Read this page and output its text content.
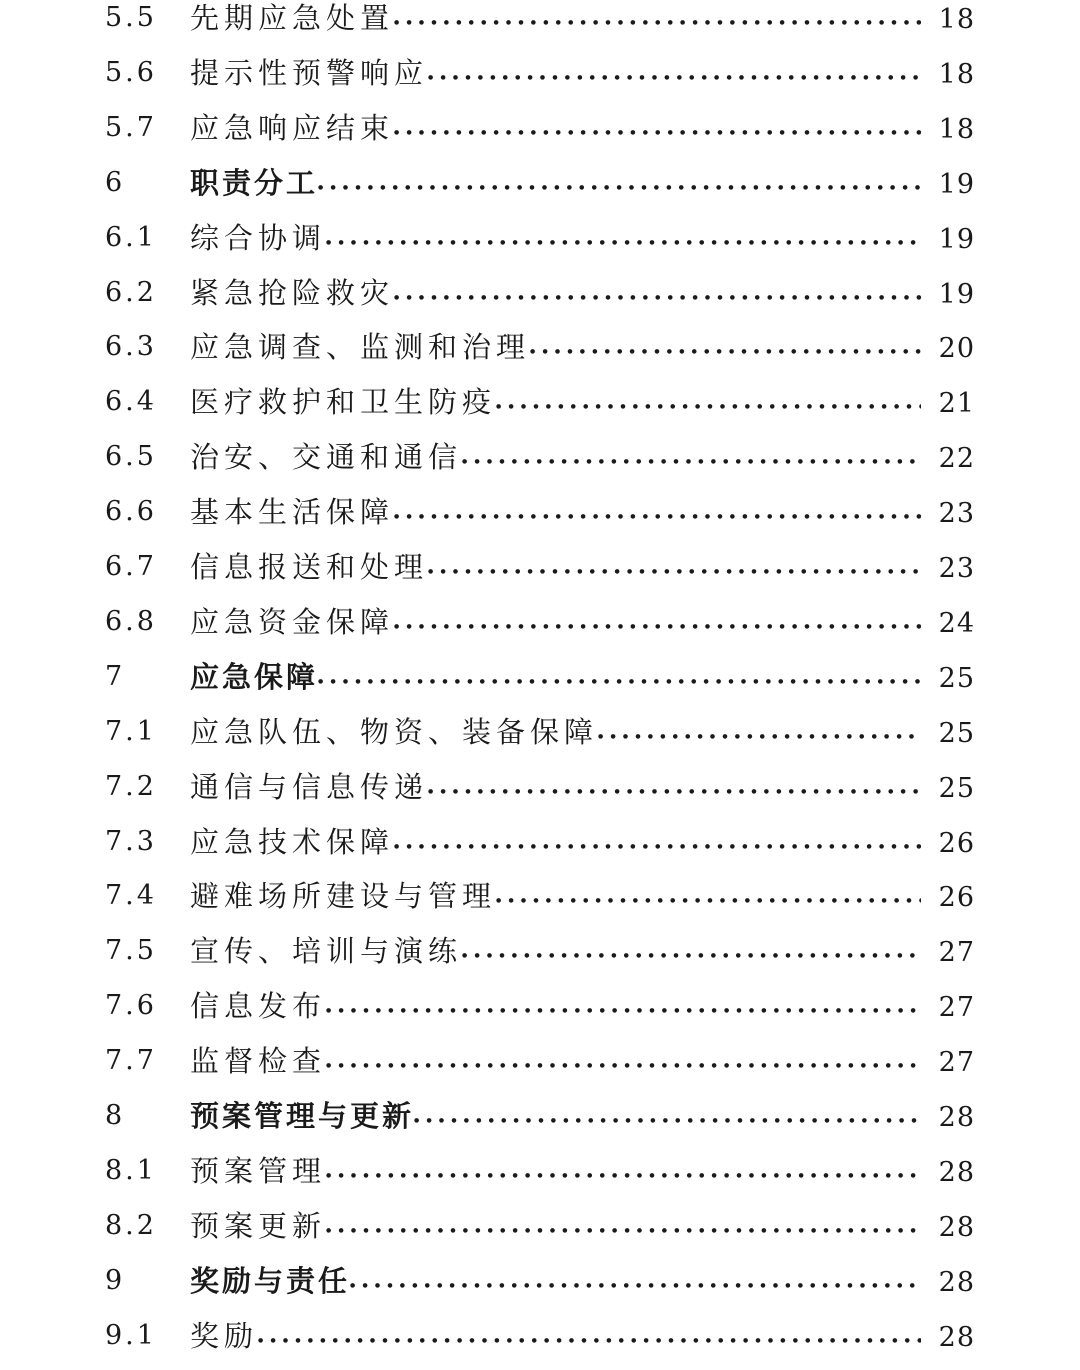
5.5 先期应急处置 ●●●●●●●●●●●●●●●●●●●●●●●●●●●●●●●●●●●●●●●●●●●●●●●●●●●●●●●●●●●●●●●●●●●●●●●●●●●●●●●●●●●●●●●●●●●●●●●●●●●●	18
5.6 提示性预警响应 ●●●●●●●●●●●●●●●●●●●●●●●●●●●●●●●●●●●●●●●●●●●●●●●●●●●●●●●●●●●●●●●●●●●●●●●●●●●●●●●●●●●●●●●●●●●●●●●●●●●●	18
5.7 应急响应结束 ●●●●●●●●●●●●●●●●●●●●●●●●●●●●●●●●●●●●●●●●●●●●●●●●●●●●●●●●●●●●●●●●●●●●●●●●●●●●●●●●●●●●●●●●●●●●●●●●●●●●	18
6 职责分工 ●●●●●●●●●●●●●●●●●●●●●●●●●●●●●●●●●●●●●●●●●●●●●●●●●●●●●●●●●●●●●●●●●●●●●●●●●●●●●●●●●●●●●●●●●●●●●●●●●●●●	19
6.1 综合协调 ●●●●●●●●●●●●●●●●●●●●●●●●●●●●●●●●●●●●●●●●●●●●●●●●●●●●●●●●●●●●●●●●●●●●●●●●●●●●●●●●●●●●●●●●●●●●●●●●●●●●	19
6.2 紧急抢险救灾 ●●●●●●●●●●●●●●●●●●●●●●●●●●●●●●●●●●●●●●●●●●●●●●●●●●●●●●●●●●●●●●●●●●●●●●●●●●●●●●●●●●●●●●●●●●●●●●●●●●●●	19
6.3 应急调查、监测和治理 ●●●●●●●●●●●●●●●●●●●●●●●●●●●●●●●●●●●●●●●●●●●●●●●●●●●●●●●●●●●●●●●●●●●●●●●●●●●●●●●●●●●●●●●●●●●●●●●●●●●●	20
6.4 医疗救护和卫生防疫 ●●●●●●●●●●●●●●●●●●●●●●●●●●●●●●●●●●●●●●●●●●●●●●●●●●●●●●●●●●●●●●●●●●●●●●●●●●●●●●●●●●●●●●●●●●●●●●●●●●●●	21
6.5 治安、交通和通信 ●●●●●●●●●●●●●●●●●●●●●●●●●●●●●●●●●●●●●●●●●●●●●●●●●●●●●●●●●●●●●●●●●●●●●●●●●●●●●●●●●●●●●●●●●●●●●●●●●●●●	22
6.6 基本生活保障 ●●●●●●●●●●●●●●●●●●●●●●●●●●●●●●●●●●●●●●●●●●●●●●●●●●●●●●●●●●●●●●●●●●●●●●●●●●●●●●●●●●●●●●●●●●●●●●●●●●●●	23
6.7 信息报送和处理 ●●●●●●●●●●●●●●●●●●●●●●●●●●●●●●●●●●●●●●●●●●●●●●●●●●●●●●●●●●●●●●●●●●●●●●●●●●●●●●●●●●●●●●●●●●●●●●●●●●●●	23
6.8 应急资金保障 ●●●●●●●●●●●●●●●●●●●●●●●●●●●●●●●●●●●●●●●●●●●●●●●●●●●●●●●●●●●●●●●●●●●●●●●●●●●●●●●●●●●●●●●●●●●●●●●●●●●●	24
7 应急保障 ●●●●●●●●●●●●●●●●●●●●●●●●●●●●●●●●●●●●●●●●●●●●●●●●●●●●●●●●●●●●●●●●●●●●●●●●●●●●●●●●●●●●●●●●●●●●●●●●●●●●	25
7.1 应急队伍、物资、装备保障 ●●●●●●●●●●●●●●●●●●●●●●●●●●●●●●●●●●●●●●●●●●●●●●●●●●●●●●●●●●●●●●●●●●●●●●●●●●●●●●●●●●●●●●●●●●●●●●●●●●●●	25
7.2 通信与信息传递 ●●●●●●●●●●●●●●●●●●●●●●●●●●●●●●●●●●●●●●●●●●●●●●●●●●●●●●●●●●●●●●●●●●●●●●●●●●●●●●●●●●●●●●●●●●●●●●●●●●●●	25
7.3 应急技术保障 ●●●●●●●●●●●●●●●●●●●●●●●●●●●●●●●●●●●●●●●●●●●●●●●●●●●●●●●●●●●●●●●●●●●●●●●●●●●●●●●●●●●●●●●●●●●●●●●●●●●●	26
7.4 避难场所建设与管理 ●●●●●●●●●●●●●●●●●●●●●●●●●●●●●●●●●●●●●●●●●●●●●●●●●●●●●●●●●●●●●●●●●●●●●●●●●●●●●●●●●●●●●●●●●●●●●●●●●●●●	26
7.5 宣传、培训与演练 ●●●●●●●●●●●●●●●●●●●●●●●●●●●●●●●●●●●●●●●●●●●●●●●●●●●●●●●●●●●●●●●●●●●●●●●●●●●●●●●●●●●●●●●●●●●●●●●●●●●●	27
7.6 信息发布 ●●●●●●●●●●●●●●●●●●●●●●●●●●●●●●●●●●●●●●●●●●●●●●●●●●●●●●●●●●●●●●●●●●●●●●●●●●●●●●●●●●●●●●●●●●●●●●●●●●●●	27
7.7 监督检查 ●●●●●●●●●●●●●●●●●●●●●●●●●●●●●●●●●●●●●●●●●●●●●●●●●●●●●●●●●●●●●●●●●●●●●●●●●●●●●●●●●●●●●●●●●●●●●●●●●●●●	27
8 预案管理与更新 ●●●●●●●●●●●●●●●●●●●●●●●●●●●●●●●●●●●●●●●●●●●●●●●●●●●●●●●●●●●●●●●●●●●●●●●●●●●●●●●●●●●●●●●●●●●●●●●●●●●●	28
8.1 预案管理 ●●●●●●●●●●●●●●●●●●●●●●●●●●●●●●●●●●●●●●●●●●●●●●●●●●●●●●●●●●●●●●●●●●●●●●●●●●●●●●●●●●●●●●●●●●●●●●●●●●●●	28
8.2 预案更新 ●●●●●●●●●●●●●●●●●●●●●●●●●●●●●●●●●●●●●●●●●●●●●●●●●●●●●●●●●●●●●●●●●●●●●●●●●●●●●●●●●●●●●●●●●●●●●●●●●●●●	28
9 奖励与责任 ●●●●●●●●●●●●●●●●●●●●●●●●●●●●●●●●●●●●●●●●●●●●●●●●●●●●●●●●●●●●●●●●●●●●●●●●●●●●●●●●●●●●●●●●●●●●●●●●●●●●	28
9.1 奖励 ●●●●●●●●●●●●●●●●●●●●●●●●●●●●●●●●●●●●●●●●●●●●●●●●●●●●●●●●●●●●●●●●●●●●●●●●●●●●●●●●●●●●●●●●●●●●●●●●●●●●	28
